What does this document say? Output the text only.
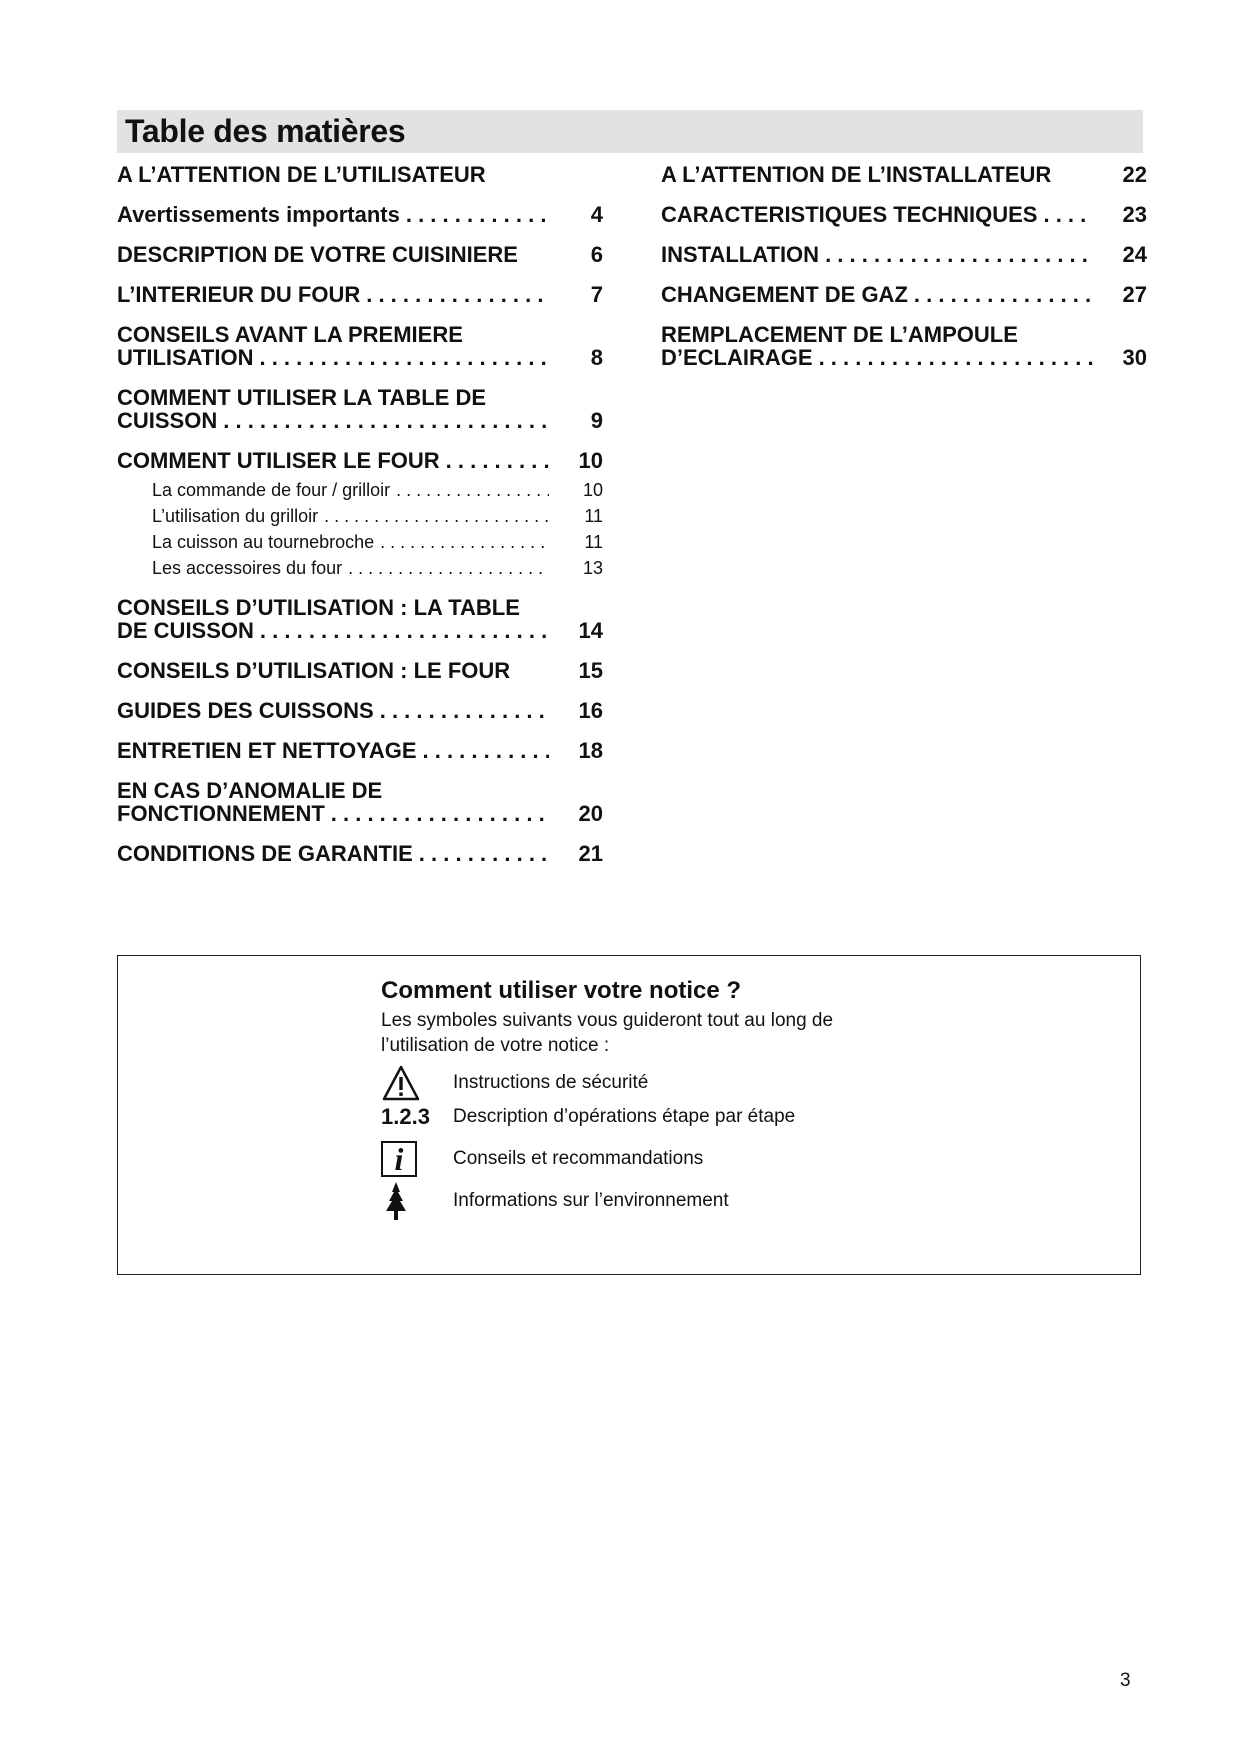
Table des matières
A L’ATTENTION DE L’UTILISATEUR
Avertissements importants . . .	4
DESCRIPTION DE VOTRE CUISINIERE	6
L’INTERIEUR DU FOUR . . .	7
CONSEILS AVANT LA PREMIERE
UTILISATION . . .	8
COMMENT UTILISER LA TABLE DE
CUISSON . . .	9
COMMENT UTILISER LE FOUR . . .	10
La commande de four / grilloir . . .	10
L’utilisation du grilloir . . .	11
La cuisson au tournebroche . . .	11
Les accessoires du four . . .	13
CONSEILS D’UTILISATION : LA TABLE
DE CUISSON . . .	14
CONSEILS D’UTILISATION : LE FOUR	15
GUIDES DES CUISSONS . . .	16
ENTRETIEN ET NETTOYAGE . . .	18
EN CAS D’ANOMALIE DE
FONCTIONNEMENT . . .	20
CONDITIONS DE GARANTIE . . .	21
A L’ATTENTION DE L’INSTALLATEUR	22
CARACTERISTIQUES TECHNIQUES . . .	23
INSTALLATION . . .	24
CHANGEMENT DE GAZ . . .	27
REMPLACEMENT DE L’AMPOULE
D’ECLAIRAGE . . .	30
Comment utiliser votre notice ?
Les symboles suivants vous guideront tout au long de l’utilisation de votre notice :
Instructions de sécurité
1.2.3 Description d’opérations étape par étape
i	Conseils et recommandations
Informations sur l’environnement
3
